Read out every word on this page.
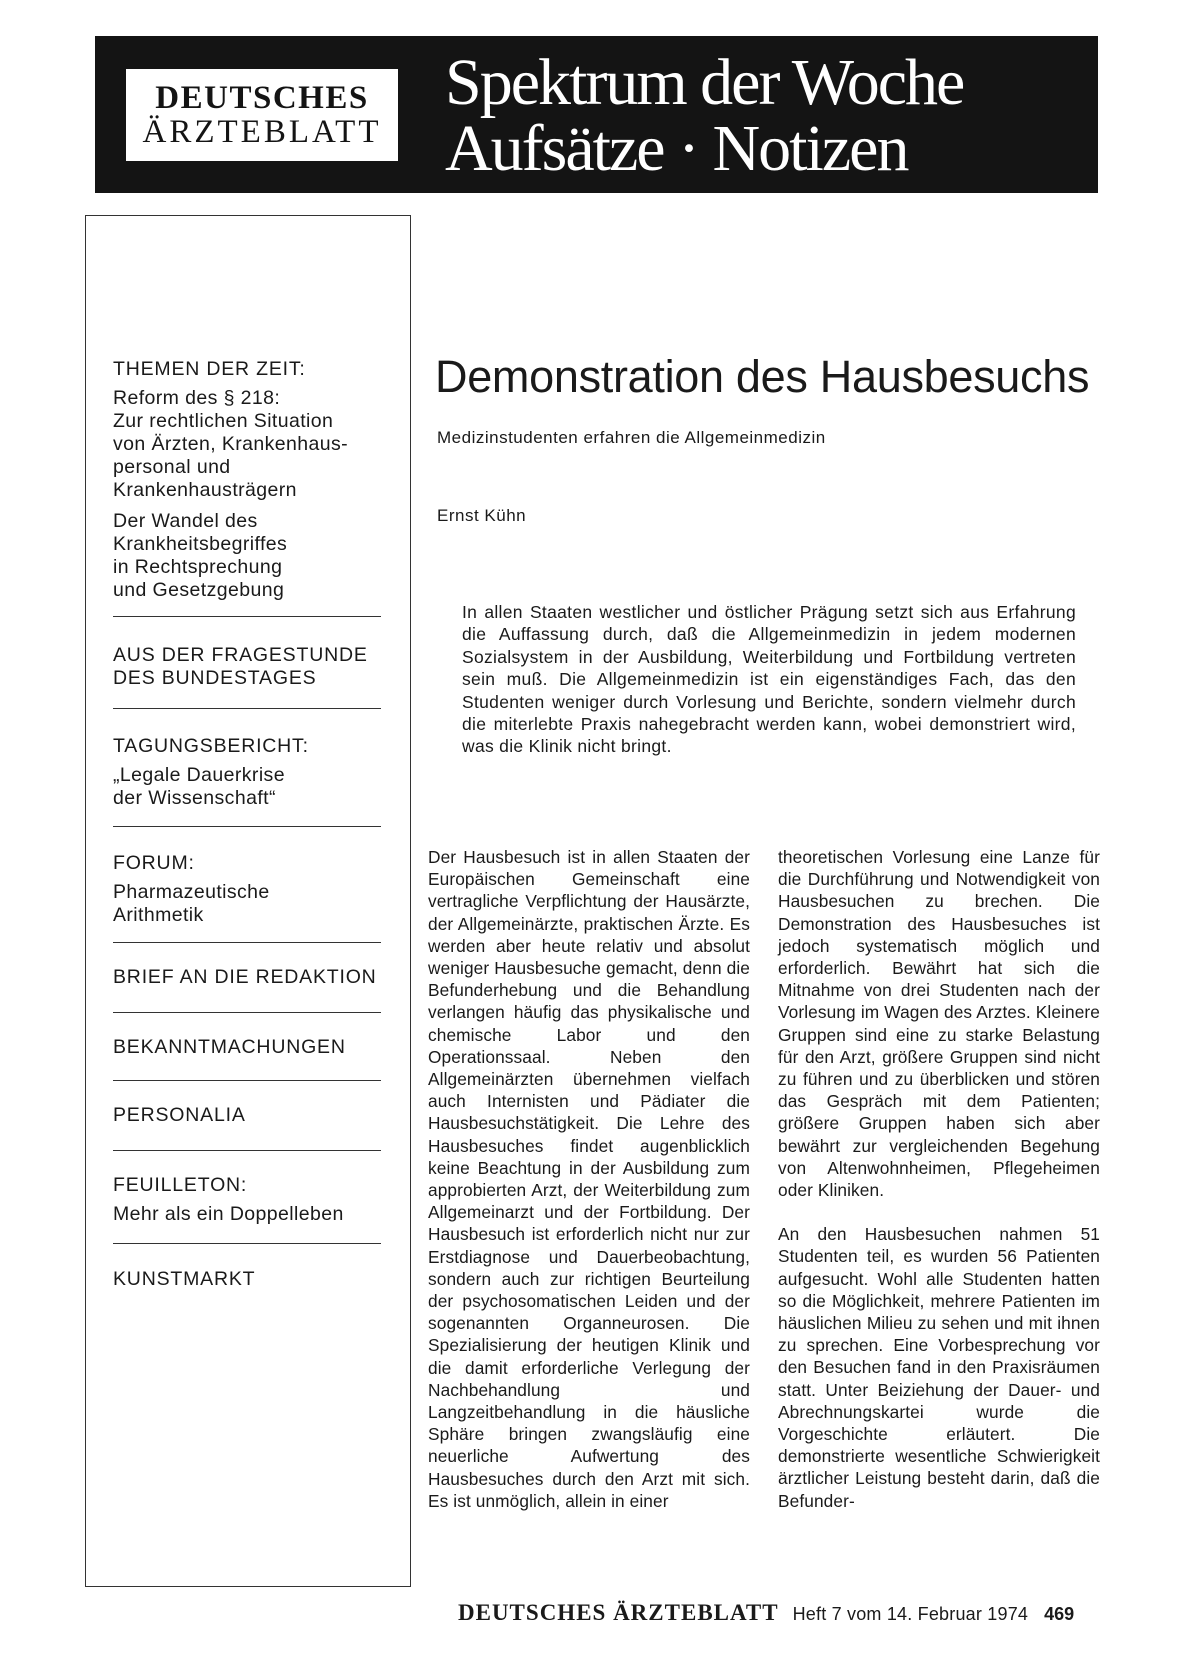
DEUTSCHES
ÄRZTEBLATT
Spektrum der Woche
Aufsätze · Notizen
THEMEN DER ZEIT:
Reform des § 218:
Zur rechtlichen Situation
von Ärzten, Krankenhaus-
personal und
Krankenhausträgern
Der Wandel des
Krankheitsbegriffes
in Rechtsprechung
und Gesetzgebung
AUS DER FRAGESTUNDE
DES BUNDESTAGES
TAGUNGSBERICHT:
„Legale Dauerkrise
der Wissenschaft“
FORUM:
Pharmazeutische
Arithmetik
BRIEF AN DIE REDAKTION
BEKANNTMACHUNGEN
PERSONALIA
FEUILLETON:
Mehr als ein Doppelleben
KUNSTMARKT
Demonstration des Hausbesuchs
Medizinstudenten erfahren die Allgemeinmedizin
Ernst Kühn
In allen Staaten westlicher und östlicher Prägung setzt sich aus Erfahrung die Auffassung durch, daß die Allgemeinmedizin in jedem modernen Sozialsystem in der Ausbildung, Weiterbildung und Fortbildung vertreten sein muß. Die Allgemeinmedizin ist ein eigenständiges Fach, das den Studenten weniger durch Vorlesung und Berichte, sondern vielmehr durch die miterlebte Praxis nahegebracht werden kann, wobei demonstriert wird, was die Klinik nicht bringt.

Der Hausbesuch ist in allen Staaten der Europäischen Gemeinschaft eine vertragliche Verpflichtung der Hausärzte, der Allgemeinärzte, praktischen Ärzte. Es werden aber heute relativ und absolut weniger Hausbesuche gemacht, denn die Befunderhebung und die Behandlung verlangen häufig das physikalische und chemische Labor und den Operationssaal. Neben den Allgemeinärzten übernehmen vielfach auch Internisten und Pädiater die Hausbesuchstätigkeit. Die Lehre des Hausbesuches findet augenblicklich keine Beachtung in der Ausbildung zum approbierten Arzt, der Weiterbildung zum Allgemeinarzt und der Fortbildung. Der Hausbesuch ist erforderlich nicht nur zur Erstdiagnose und Dauerbeobachtung, sondern auch zur richtigen Beurteilung der psychosomatischen Leiden und der sogenannten Organneurosen. Die Spezialisierung der heutigen Klinik und die damit erforderliche Verlegung der Nachbehandlung und Langzeitbehandlung in die häusliche Sphäre bringen zwangsläufig eine neuerliche Aufwertung des Hausbesuches durch den Arzt mit sich. Es ist unmöglich, allein in einer

theoretischen Vorlesung eine Lanze für die Durchführung und Notwendigkeit von Hausbesuchen zu brechen. Die Demonstration des Hausbesuches ist jedoch systematisch möglich und erforderlich. Bewährt hat sich die Mitnahme von drei Studenten nach der Vorlesung im Wagen des Arztes. Kleinere Gruppen sind eine zu starke Belastung für den Arzt, größere Gruppen sind nicht zu führen und zu überblicken und stören das Gespräch mit dem Patienten; größere Gruppen haben sich aber bewährt zur vergleichenden Begehung von Altenwohnheimen, Pflegeheimen oder Kliniken.

An den Hausbesuchen nahmen 51 Studenten teil, es wurden 56 Patienten aufgesucht. Wohl alle Studenten hatten so die Möglichkeit, mehrere Patienten im häuslichen Milieu zu sehen und mit ihnen zu sprechen. Eine Vorbesprechung vor den Besuchen fand in den Praxisräumen statt. Unter Beiziehung der Dauer- und Abrechnungskartei wurde die Vorgeschichte erläutert. Die demonstrierte wesentliche Schwierigkeit ärztlicher Leistung besteht darin, daß die Befunder-

DEUTSCHES ÄRZTEBLATT Heft 7 vom 14. Februar 1974 469
